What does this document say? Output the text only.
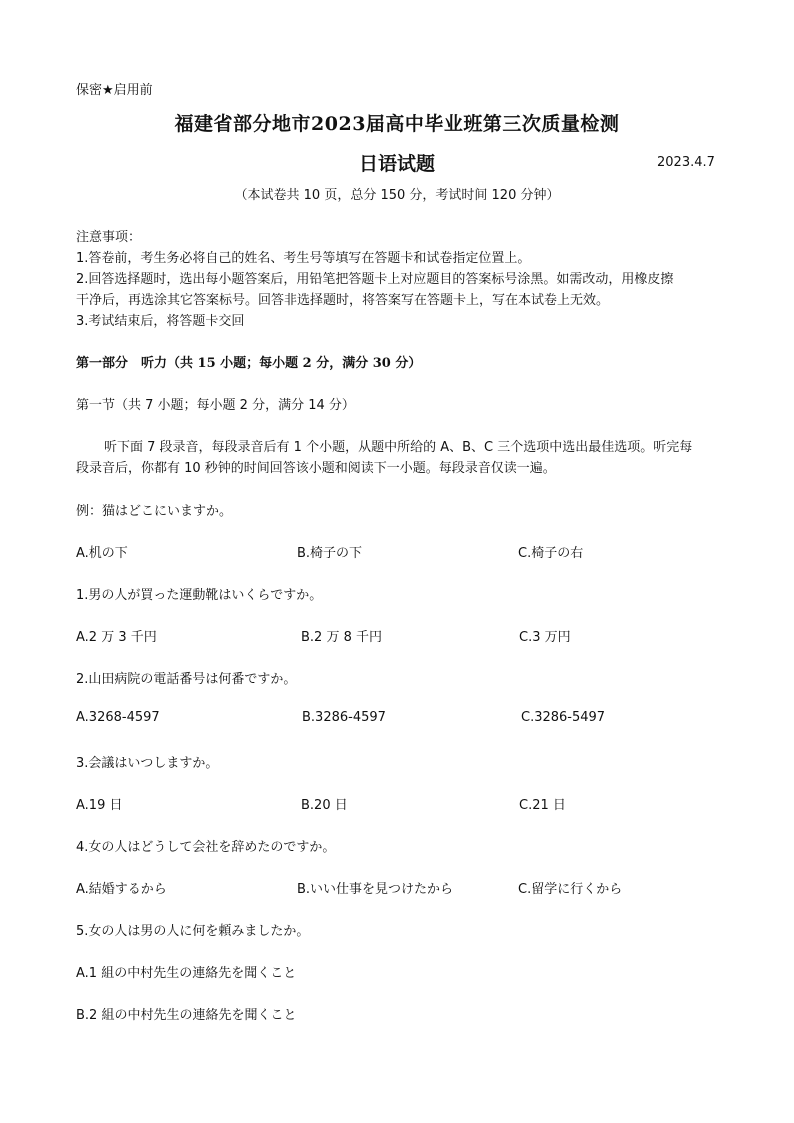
保密★启用前
福建省部分地市2023届高中毕业班第三次质量检测
日语试题	2023.4.7
（本试卷共 10 页，总分 150 分，考试时间 120 分钟）
注意事项：
1.答卷前，考生务必将自己的姓名、考生号等填写在答题卡和试卷指定位置上。
2.回答选择题时，选出每小题答案后，用铅笔把答题卡上对应题目的答案标号涂黑。如需改动，用橡皮擦
干净后，再选涂其它答案标号。回答非选择题时，将答案写在答题卡上，写在本试卷上无效。
3.考试结束后，将答题卡交回
第一部分　听力（共 15 小题；每小题 2 分，满分 30 分）
第一节（共 7 小题；每小题 2 分，满分 14 分）
听下面 7 段录音，每段录音后有 1 个小题，从题中所给的 A、B、C 三个选项中选出最佳选项。听完每
段录音后，你都有 10 秒钟的时间回答该小题和阅读下一小题。每段录音仅读一遍。
例：猫はどこにいますか。
A.机の下	B.椅子の下	C.椅子の右
1.男の人が買った運動靴はいくらですか。
A.2 万 3 千円	B.2 万 8 千円	C.3 万円
2.山田病院の電話番号は何番ですか。
A.3268-4597	B.3286-4597	C.3286-5497
3.会議はいつしますか。
A.19 日	B.20 日	C.21 日
4.女の人はどうして会社を辞めたのですか。
A.結婚するから	B.いい仕事を見つけたから	C.留学に行くから
5.女の人は男の人に何を頼みましたか。
A.1 組の中村先生の連絡先を聞くこと
B.2 組の中村先生の連絡先を聞くこと
